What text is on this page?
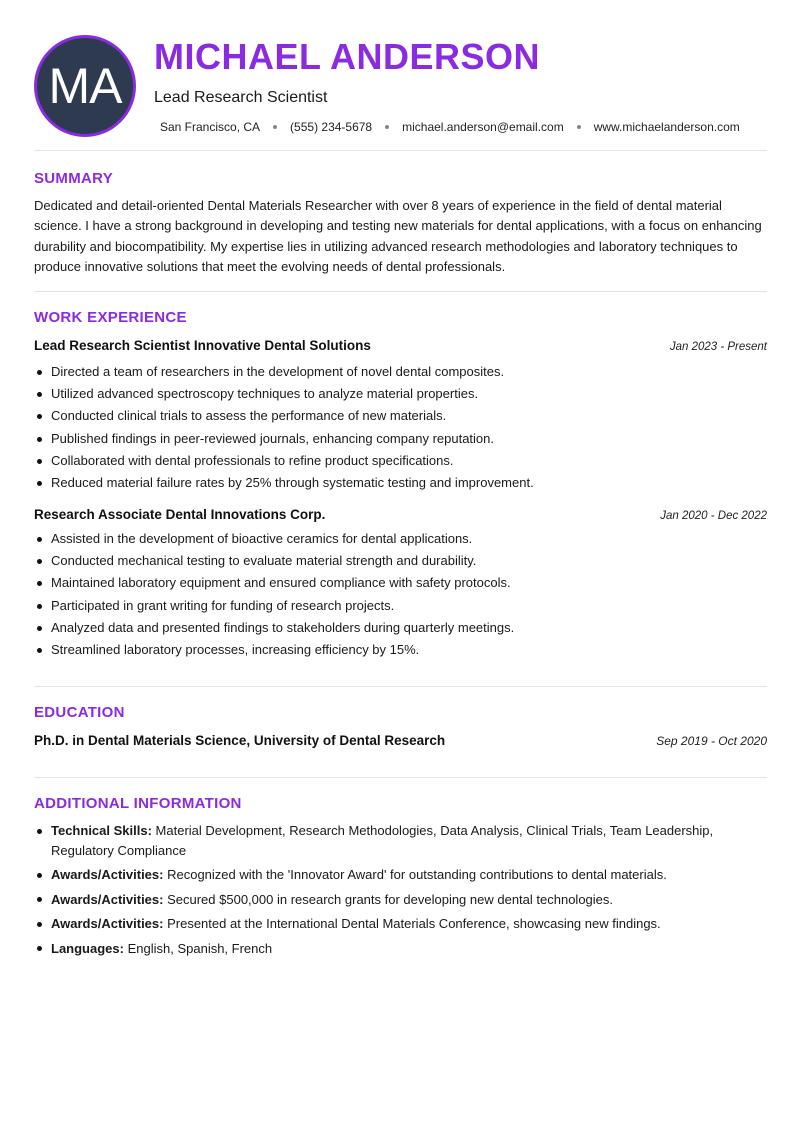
MA
MICHAEL ANDERSON
Lead Research Scientist
San Francisco, CA	(555) 234-5678	michael.anderson@email.com	www.michaelanderson.com
SUMMARY
Dedicated and detail-oriented Dental Materials Researcher with over 8 years of experience in the field of dental material science. I have a strong background in developing and testing new materials for dental applications, with a focus on enhancing durability and biocompatibility. My expertise lies in utilizing advanced research methodologies and laboratory techniques to produce innovative solutions that meet the evolving needs of dental professionals.
WORK EXPERIENCE
Lead Research Scientist Innovative Dental Solutions	Jan 2023 - Present
Directed a team of researchers in the development of novel dental composites.
Utilized advanced spectroscopy techniques to analyze material properties.
Conducted clinical trials to assess the performance of new materials.
Published findings in peer-reviewed journals, enhancing company reputation.
Collaborated with dental professionals to refine product specifications.
Reduced material failure rates by 25% through systematic testing and improvement.
Research Associate Dental Innovations Corp.	Jan 2020 - Dec 2022
Assisted in the development of bioactive ceramics for dental applications.
Conducted mechanical testing to evaluate material strength and durability.
Maintained laboratory equipment and ensured compliance with safety protocols.
Participated in grant writing for funding of research projects.
Analyzed data and presented findings to stakeholders during quarterly meetings.
Streamlined laboratory processes, increasing efficiency by 15%.
EDUCATION
Ph.D. in Dental Materials Science, University of Dental Research	Sep 2019 - Oct 2020
ADDITIONAL INFORMATION
Technical Skills: Material Development, Research Methodologies, Data Analysis, Clinical Trials, Team Leadership, Regulatory Compliance
Awards/Activities: Recognized with the 'Innovator Award' for outstanding contributions to dental materials.
Awards/Activities: Secured $500,000 in research grants for developing new dental technologies.
Awards/Activities: Presented at the International Dental Materials Conference, showcasing new findings.
Languages: English, Spanish, French
